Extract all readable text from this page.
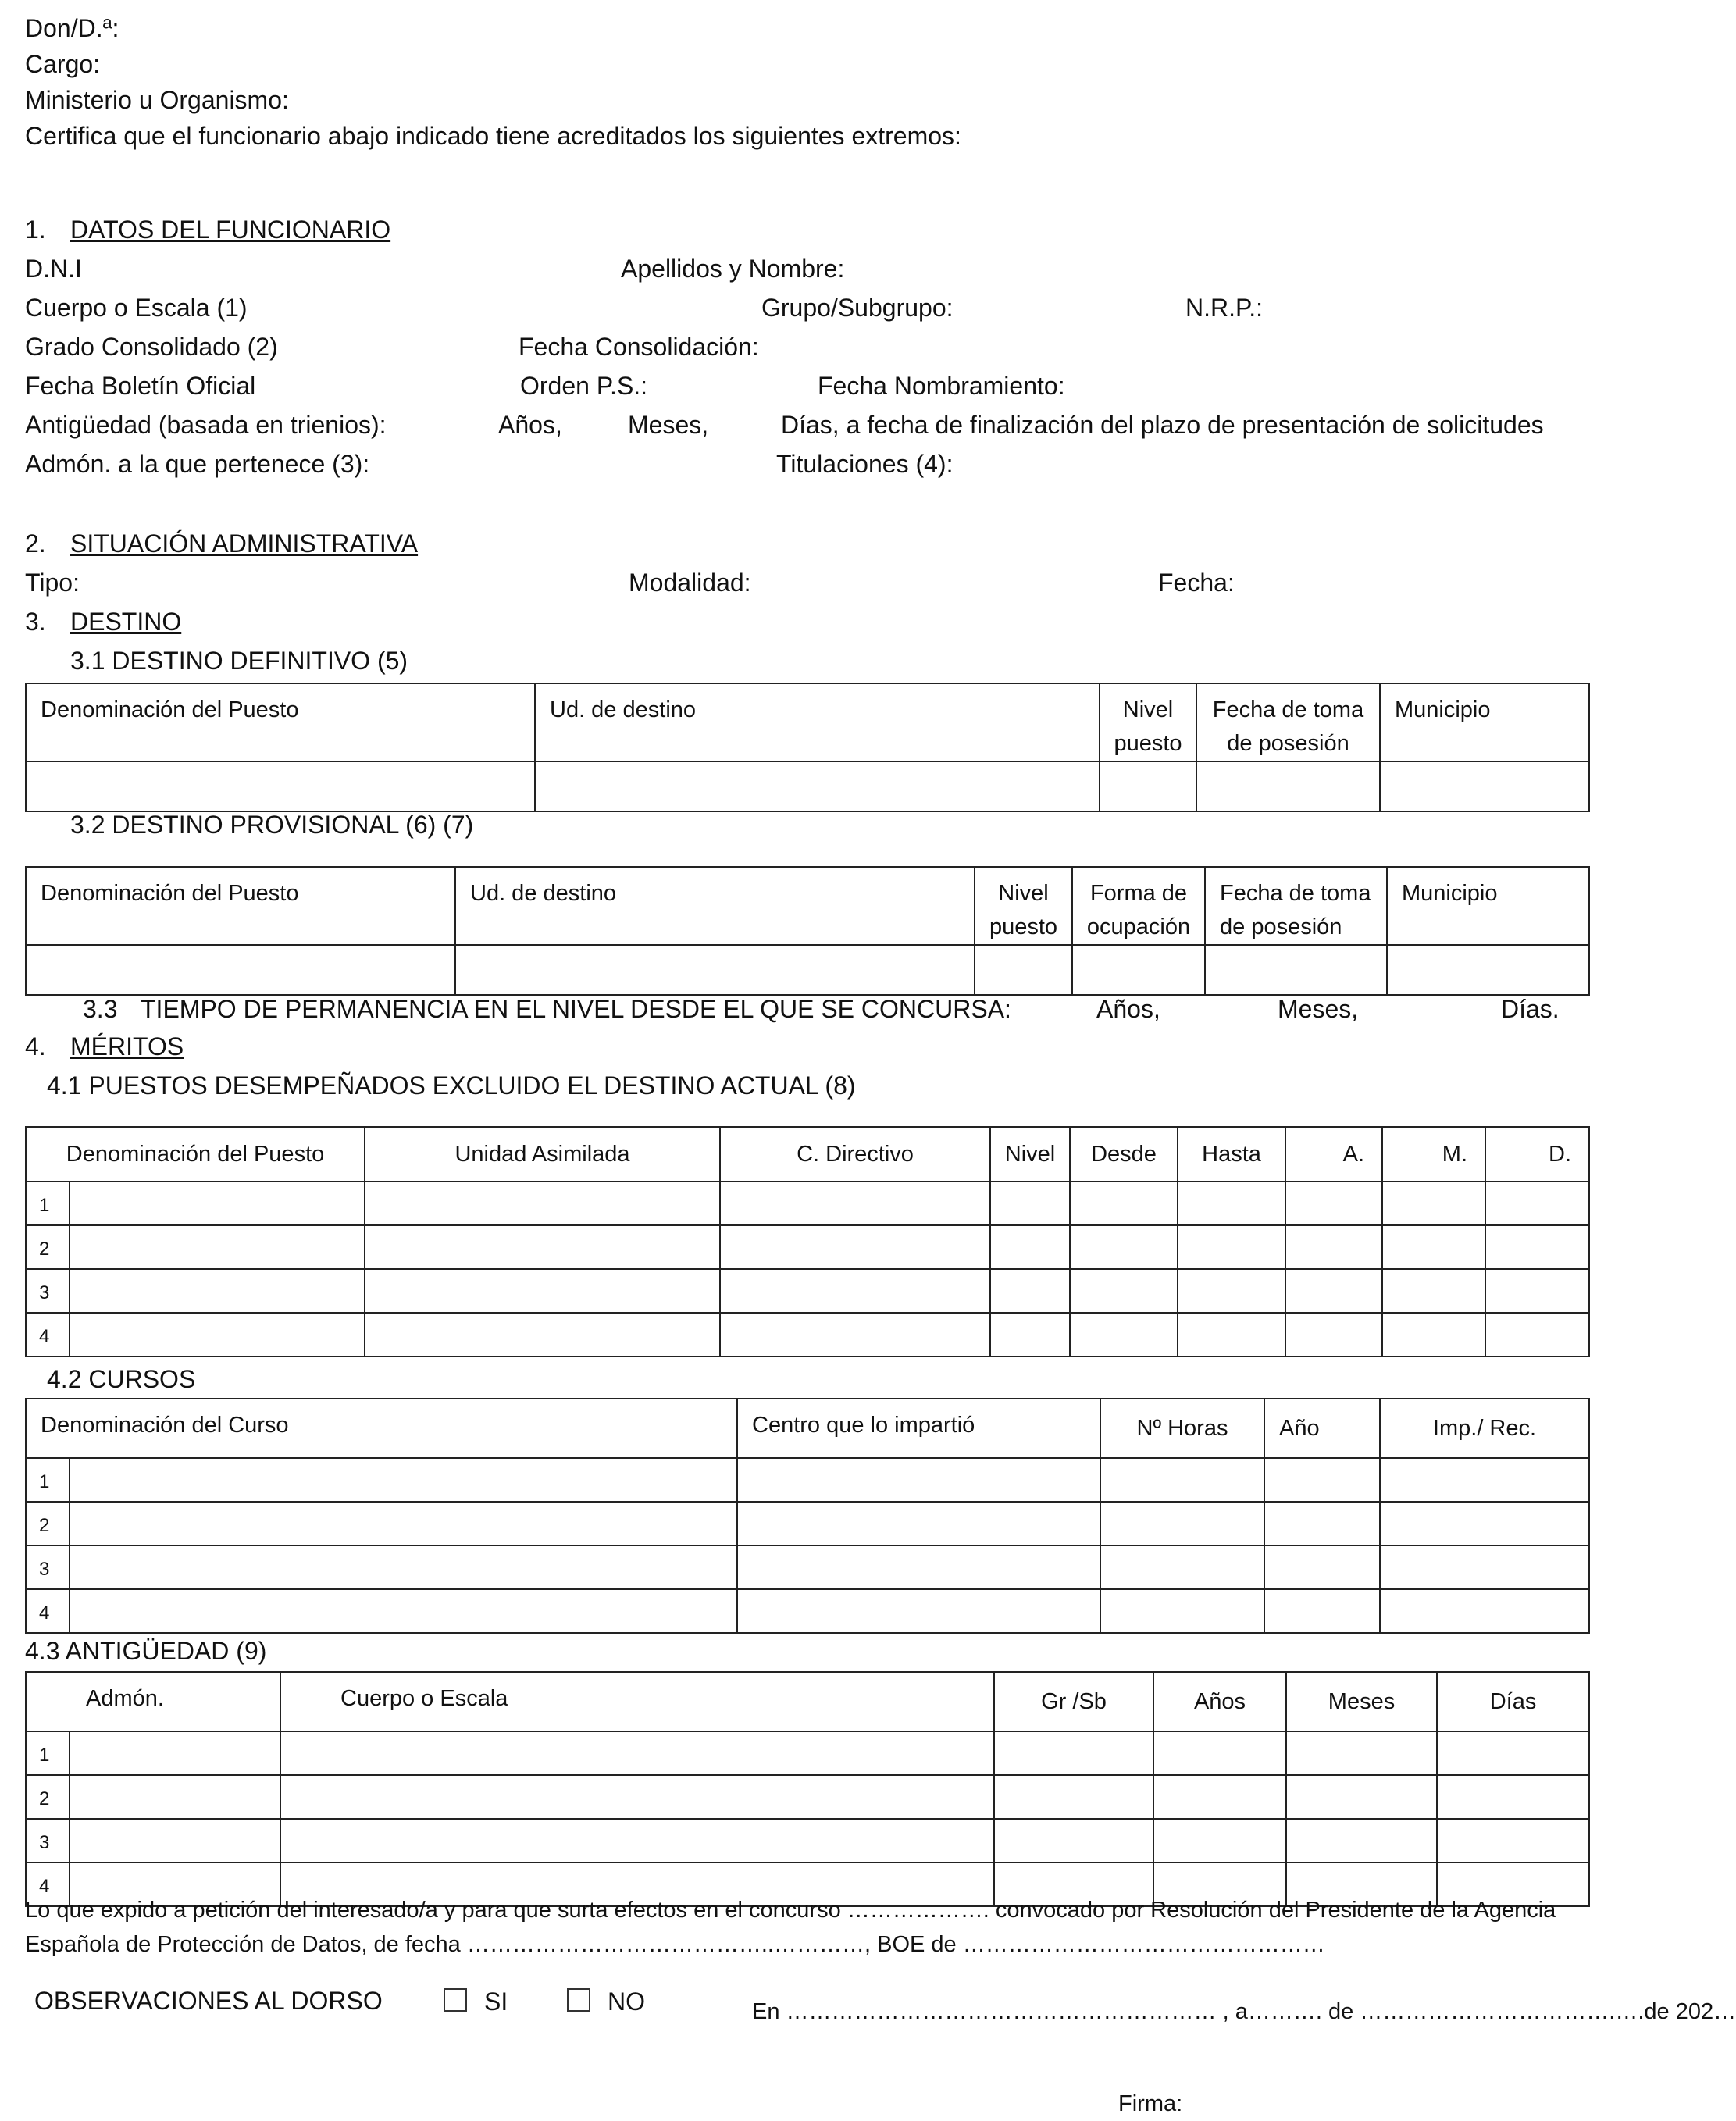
Don/D.ª:
Cargo:
Ministerio u Organismo:
Certifica que el funcionario abajo indicado tiene acreditados los siguientes extremos:
1. DATOS DEL FUNCIONARIO
D.N.I	Apellidos y Nombre:
Cuerpo o Escala (1)	Grupo/Subgrupo:	N.R.P.:
Grado Consolidado (2)	Fecha Consolidación:
Fecha Boletín Oficial	Orden P.S.:	Fecha Nombramiento:
Antigüedad (basada en trienios):	Años,	Meses,	Días, a fecha de finalización del plazo de presentación de solicitudes
Admón. a la que pertenece (3):	Titulaciones (4):
2. SITUACIÓN ADMINISTRATIVA
Tipo:	Modalidad:	Fecha:
3. DESTINO
3.1 DESTINO DEFINITIVO (5)
Denominación del Puesto	Ud. de destino	Nivel puesto	Fecha de toma de posesión	Municipio

3.2 DESTINO PROVISIONAL (6) (7)
Denominación del Puesto	Ud. de destino	Nivel puesto	Forma de ocupación	Fecha de toma de posesión	Municipio

3.3 TIEMPO DE PERMANENCIA EN EL NIVEL DESDE EL QUE SE CONCURSA:	Años,	Meses,	Días.
4. MÉRITOS
4.1 PUESTOS DESEMPEÑADOS EXCLUIDO EL DESTINO ACTUAL (8)
Denominación del Puesto		Unidad Asimilada	C. Directivo	Nivel	Desde	Hasta	A.	M.	D.
1									
2									
3									
4									
4.2 CURSOS
Denominación del Curso		Centro que lo impartió	Nº Horas	Año	Imp./ Rec.
1					
2					
3					
4					
4.3 ANTIGÜEDAD (9)
Admón.		Cuerpo o Escala	Gr /Sb	Años	Meses	Días
1						
2						
3						
4						
Lo que expido a petición del interesado/a y para que surta efectos en el concurso ………………. convocado por Resolución del Presidente de la Agencia
Española de Protección de Datos, de fecha …………………………………..…………, BOE de …………………………………………
OBSERVACIONES AL DORSO	SI	NO	En ………………………………………………… , a………. de …………………………….….de 202…
Firma:
